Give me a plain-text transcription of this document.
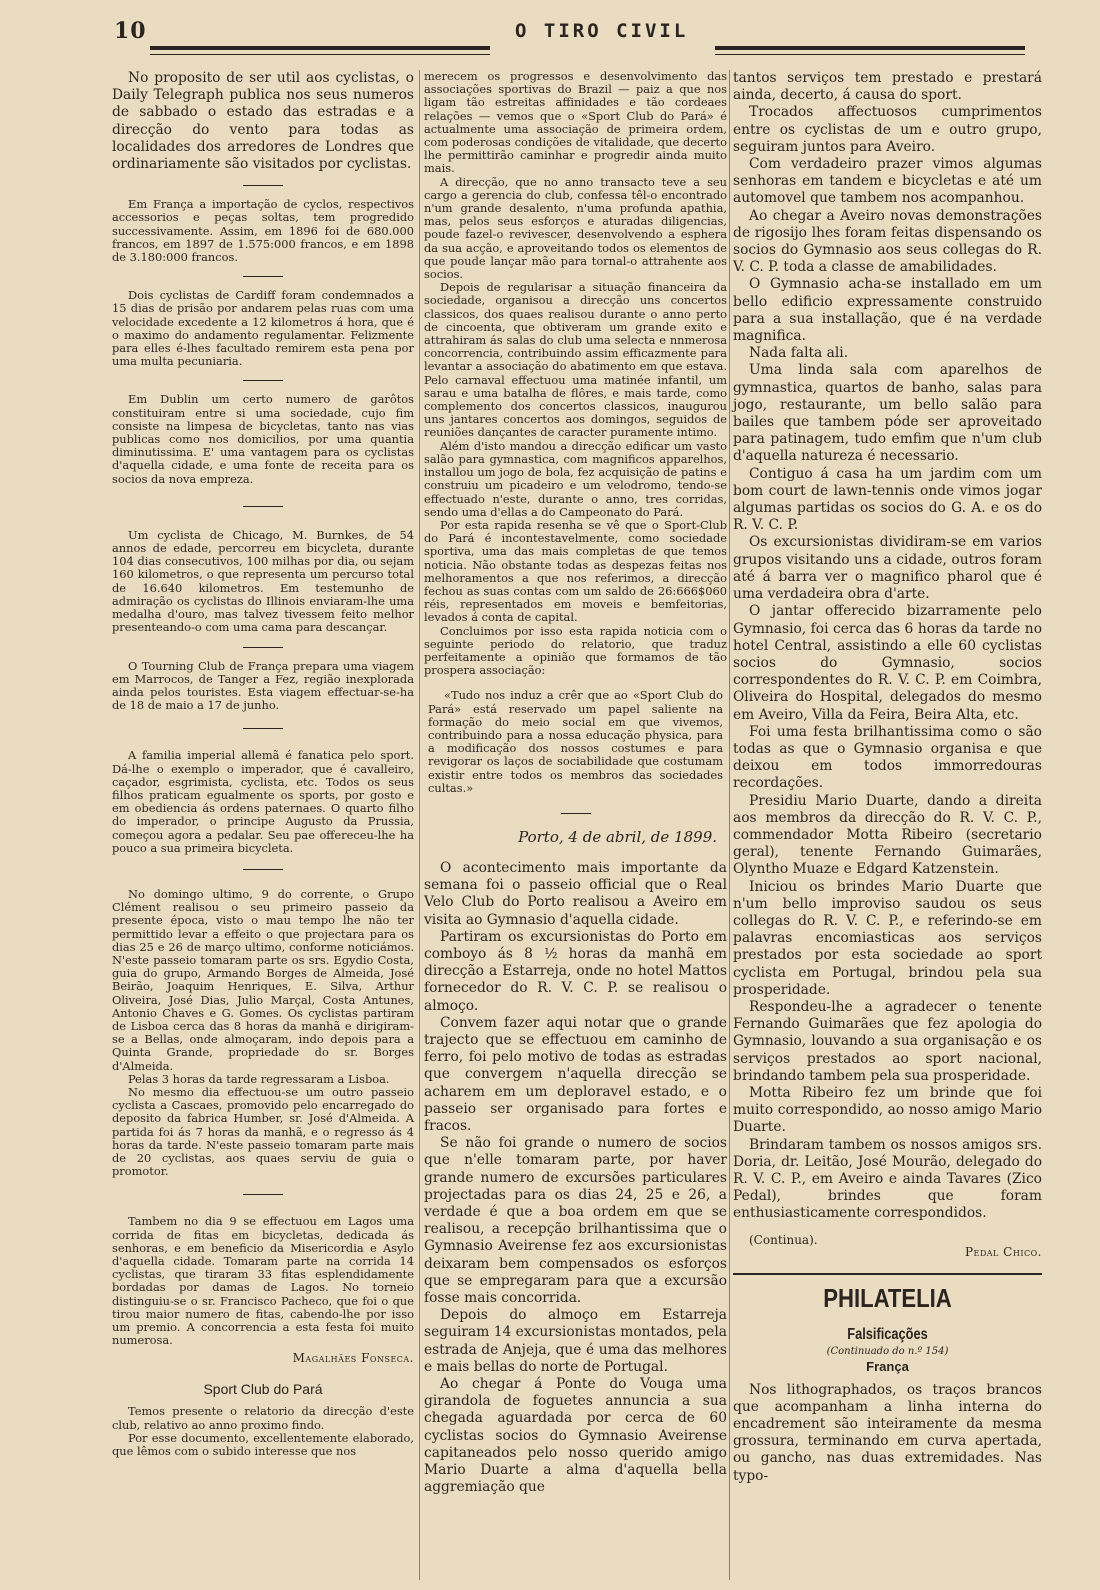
10	O TIRO CIVIL

No proposito de ser util aos cyclistas, o Daily Telegraph publica nos seus numeros de sabbado o estado das estradas e a direcção do vento para todas as localidades dos arredores de Londres que ordinariamente são visitados por cyclistas.

Em França a importação de cyclos, respectivos accessorios e peças soltas, tem progredido successivamente. Assim, em 1896 foi de 680.000 francos, em 1897 de 1.575:000 francos, e em 1898 de 3.180:000 francos.

Dois cyclistas de Cardiff foram condemnados a 15 dias de prisão por andarem pelas ruas com uma velocidade excedente a 12 kilometros á hora, que é o maximo do andamento regulamentar. Felizmente para elles é-lhes facultado remirem esta pena por uma multa pecuniaria.

Em Dublin um certo numero de garôtos constituiram entre si uma sociedade, cujo fim consiste na limpesa de bicycletas, tanto nas vias publicas como nos domicilios, por uma quantia diminutissima. E' uma vantagem para os cyclistas d'aquella cidade, e uma fonte de receita para os socios da nova empreza.

Um cyclista de Chicago, M. Burnkes, de 54 annos de edade, percorreu em bicycleta, durante 104 dias consecutivos, 100 milhas por dia, ou sejam 160 kilometros, o que representa um percurso total de 16.640 kilometros. Em testemunho de admiração os cyclistas do Illinois enviaram-lhe uma medalha d'ouro, mas talvez tivessem feito melhor presenteando-o com uma cama para descançar.

O Tourning Club de França prepara uma viagem em Marrocos, de Tanger a Fez, região inexplorada ainda pelos touristes. Esta viagem effectuar-se-ha de 18 de maio a 17 de junho.

A familia imperial allemã é fanatica pelo sport. Dá-lhe o exemplo o imperador, que é cavalleiro, caçador, esgrimista, cyclista, etc. Todos os seus filhos praticam egualmente os sports, por gosto e em obediencia ás ordens paternaes. O quarto filho do imperador, o principe Augusto da Prussia, começou agora a pedalar. Seu pae offereceu-lhe ha pouco a sua primeira bicycleta.

No domingo ultimo, 9 do corrente, o Grupo Clément realisou o seu primeiro passeio da presente época, visto o mau tempo lhe não ter permittido levar a effeito o que projectara para os dias 25 e 26 de março ultimo, conforme noticiámos. N'este passeio tomaram parte os srs. Egydio Costa, guia do grupo, Armando Borges de Almeida, José Beirão, Joaquim Henriques, E. Silva, Arthur Oliveira, José Dias, Julio Marçal, Costa Antunes, Antonio Chaves e G. Gomes. Os cyclistas partiram de Lisboa cerca das 8 horas da manhã e dirigiram-se a Bellas, onde almoçaram, indo depois para a Quinta Grande, propriedade do sr. Borges d'Almeida.

Pelas 3 horas da tarde regressaram a Lisboa.

No mesmo dia effectuou-se um outro passeio cyclista a Cascaes, promovido pelo encarregado do deposito da fabrica Humber, sr. José d'Almeida. A partida foi ás 7 horas da manhã, e o regresso ás 4 horas da tarde. N'este passeio tomaram parte mais de 20 cyclistas, aos quaes serviu de guia o promotor.

Tambem no dia 9 se effectuou em Lagos uma corrida de fitas em bicycletas, dedicada ás senhoras, e em beneficio da Misericordia e Asylo d'aquella cidade. Tomaram parte na corrida 14 cyclistas, que tiraram 33 fitas esplendidamente bordadas por damas de Lagos. No torneio distinguiu-se o sr. Francisco Pacheco, que foi o que tirou maior numero de fitas, cabendo-lhe por isso um premio. A concorrencia a esta festa foi muito numerosa.

Magalhães Fonseca.
Sport Club do Pará

Temos presente o relatorio da direcção d'este club, relativo ao anno proximo findo.

Por esse documento, excellentemente elaborado, que lêmos com o subido interesse que nos

merecem os progressos e desenvolvimento das associações sportivas do Brazil — paiz a que nos ligam tão estreitas affinidades e tão cordeaes relações — vemos que o «Sport Club do Pará» é actualmente uma associação de primeira ordem, com poderosas condições de vitalidade, que decerto lhe permittirão caminhar e progredir ainda muito mais.

A direcção, que no anno transacto teve a seu cargo a gerencia do club, confessa têl-o encontrado n'um grande desalento, n'uma profunda apathia, mas, pelos seus esforços e aturadas diligencias, poude fazel-o revivescer, desenvolvendo a esphera da sua acção, e aproveitando todos os elementos de que poude lançar mão para tornal-o attrahente aos socios.

Depois de regularisar a situação financeira da sociedade, organisou a direcção uns concertos classicos, dos quaes realisou durante o anno perto de cincoenta, que obtiveram um grande exito e attrahiram ás salas do club uma selecta e nnmerosa concorrencia, contribuindo assim efficazmente para levantar a associação do abatimento em que estava. Pelo carnaval effectuou uma matinée infantil, um sarau e uma batalha de flôres, e mais tarde, como complemento dos concertos classicos, inaugurou uns jantares concertos aos domingos, seguidos de reuniões dançantes de caracter puramente intimo.

Além d'isto mandou a direcção edificar um vasto salão para gymnastica, com magnificos apparelhos, installou um jogo de bola, fez acquisição de patins e construiu um picadeiro e um velodromo, tendo-se effectuado n'este, durante o anno, tres corridas, sendo uma d'ellas a do Campeonato do Pará.

Por esta rapida resenha se vê que o Sport-Club do Pará é incontestavelmente, como sociedade sportiva, uma das mais completas de que temos noticia. Não obstante todas as despezas feitas nos melhoramentos a que nos referimos, a direcção fechou as suas contas com um saldo de 26:666$060 réis, representados em moveis e bemfeitorias, levados á conta de capital.

Concluimos por isso esta rapida noticia com o seguinte periodo do relatorio, que traduz perfeitamente a opinião que formamos de tão prospera associação:

«Tudo nos induz a crêr que ao «Sport Club do Pará» está reservado um papel saliente na formação do meio social em que vivemos, contribuindo para a nossa educação physica, para a modificação dos nossos costumes e para revigorar os laços de sociabilidade que costumam existir entre todos os membros das sociedades cultas.»

Porto, 4 de abril, de 1899.

O acontecimento mais importante da semana foi o passeio official que o Real Velo Club do Porto realisou a Aveiro em visita ao Gymnasio d'aquella cidade.

Partiram os excursionistas do Porto em comboyo ás 8 ½ horas da manhã em direcção a Estarreja, onde no hotel Mattos fornecedor do R. V. C. P. se realisou o almoço.

Convem fazer aqui notar que o grande trajecto que se effectuou em caminho de ferro, foi pelo motivo de todas as estradas que convergem n'aquella direcção se acharem em um deploravel estado, e o passeio ser organisado para fortes e fracos.

Se não foi grande o numero de socios que n'elle tomaram parte, por haver grande numero de excursões particulares projectadas para os dias 24, 25 e 26, a verdade é que a boa ordem em que se realisou, a recepção brilhantissima que o Gymnasio Aveirense fez aos excursionistas deixaram bem compensados os esforços que se empregaram para que a excursão fosse mais concorrida.

Depois do almoço em Estarreja seguiram 14 excursionistas montados, pela estrada de Anjeja, que é uma das melhores e mais bellas do norte de Portugal.

Ao chegar á Ponte do Vouga uma girandola de foguetes annuncia a sua chegada aguardada por cerca de 60 cyclistas socios do Gymnasio Aveirense capitaneados pelo nosso querido amigo Mario Duarte a alma d'aquella bella aggremiação que

tantos serviços tem prestado e prestará ainda, decerto, á causa do sport.

Trocados affectuosos cumprimentos entre os cyclistas de um e outro grupo, seguiram juntos para Aveiro.

Com verdadeiro prazer vimos algumas senhoras em tandem e bicycletas e até um automovel que tambem nos acompanhou.

Ao chegar a Aveiro novas demonstrações de rigosijo lhes foram feitas dispensando os socios do Gymnasio aos seus collegas do R. V. C. P. toda a classe de amabilidades.

O Gymnasio acha-se installado em um bello edificio expressamente construido para a sua installação, que é na verdade magnifica.

Nada falta ali.

Uma linda sala com aparelhos de gymnastica, quartos de banho, salas para jogo, restaurante, um bello salão para bailes que tambem póde ser aproveitado para patinagem, tudo emfim que n'um club d'aquella natureza é necessario.

Contiguo á casa ha um jardim com um bom court de lawn-tennis onde vimos jogar algumas partidas os socios do G. A. e os do R. V. C. P.

Os excursionistas dividiram-se em varios grupos visitando uns a cidade, outros foram até á barra ver o magnifico pharol que é uma verdadeira obra d'arte.

O jantar offerecido bizarramente pelo Gymnasio, foi cerca das 6 horas da tarde no hotel Central, assistindo a elle 60 cyclistas socios do Gymnasio, socios correspondentes do R. V. C. P. em Coimbra, Oliveira do Hospital, delegados do mesmo em Aveiro, Villa da Feira, Beira Alta, etc.

Foi uma festa brilhantissima como o são todas as que o Gymnasio organisa e que deixou em todos immorredouras recordações.

Presidiu Mario Duarte, dando a direita aos membros da direcção do R. V. C. P., commendador Motta Ribeiro (secretario geral), tenente Fernando Guimarães, Olyntho Muaze e Edgard Katzenstein.

Iniciou os brindes Mario Duarte que n'um bello improviso saudou os seus collegas do R. V. C. P., e referindo-se em palavras encomiasticas aos serviços prestados por esta sociedade ao sport cyclista em Portugal, brindou pela sua prosperidade.

Respondeu-lhe a agradecer o tenente Fernando Guimarães que fez apologia do Gymnasio, louvando a sua organisação e os serviços prestados ao sport nacional, brindando tambem pela sua prosperidade.

Motta Ribeiro fez um brinde que foi muito correspondido, ao nosso amigo Mario Duarte.

Brindaram tambem os nossos amigos srs. Doria, dr. Leitão, José Mourão, delegado do R. V. C. P., em Aveiro e ainda Tavares (Zico Pedal), brindes que foram enthusiasticamente correspondidos.

(Continua).
Pedal Chico.
PHILATELIA
Falsificações
(Continuado do n.º 154)
França

Nos lithographados, os traços brancos que acompanham a linha interna do encadrement são inteiramente da mesma grossura, terminando em curva apertada, ou gancho, nas duas extremidades. Nas typo-
